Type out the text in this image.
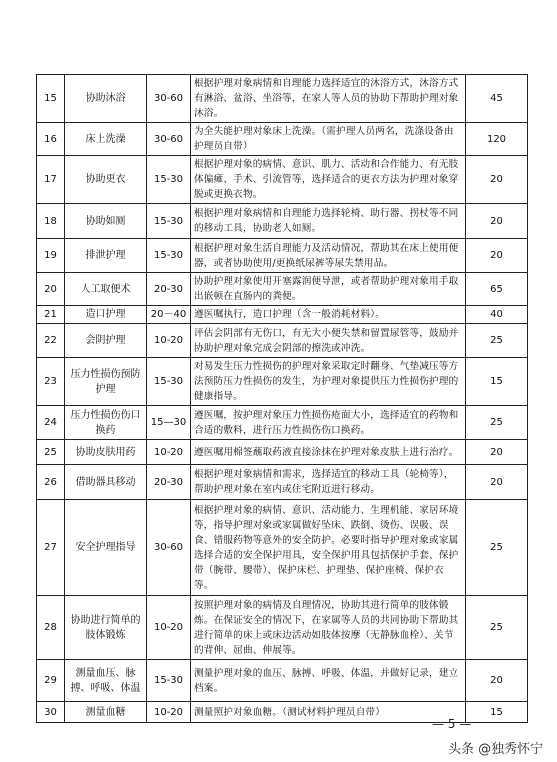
15	协助沐浴	30-60	根据护理对象病情和自理能力选择适宜的沐浴方式，沐浴方式有淋浴、盆浴、坐浴等，在家人等人员的协助下帮助护理对象沐浴。	45
16	床上洗澡	30-60	为全失能护理对象床上洗澡。（需护理人员两名，洗涤设备由护理员自带）	120
17	协助更衣	15-30	根据护理对象的病情、意识、肌力、活动和合作能力、有无肢体偏瘫、手术、引流管等，选择适合的更衣方法为护理对象穿脱或更换衣物。	20
18	协助如厕	15-30	根据护理对象病情和自理能力选择轮椅、助行器、拐杖等不同的移动工具，协助老人如厕。	20
19	排泄护理	15-30	根据护理对象生活自理能力及活动情况，帮助其在床上使用便器，或者协助使用/更换纸尿裤等尿失禁用品。	20
20	人工取便术	20-30	协助护理对象使用开塞露润便导泄，或者帮助护理对象用手取出嵌顿在直肠内的粪便。	65
21	造口护理	20－40	遵医嘱执行，造口护理（含一般消耗材料）。	40
22	会阴护理	10-20	评估会阴部有无伤口，有无大小便失禁和留置尿管等，鼓励并协助护理对象完成会阴部的擦洗或冲洗。	25
23	压力性损伤预防护理	15-30	对易发生压力性损伤的护理对象采取定时翻身、气垫减压等方法预防压力性损伤的发生，为护理对象提供压力性损伤护理的健康指导。	15
24	压力性损伤伤口换药	15—30	遵医嘱，按护理对象压力性损伤疮面大小，选择适宜的药物和合适的敷料，进行压力性损伤伤口换药。	25
25	协助皮肤用药	10-20	遵医嘱用棉签蘸取药液直接涂抹在护理对象皮肤上进行治疗。	20
26	借助器具移动	20-30	根据护理对象病情和需求，选择适宜的移动工具（轮椅等），帮助护理对象在室内或住宅附近进行移动。	20
27	安全护理指导	30-60	根据护理对象的病情、意识、活动能力、生理机能、家居环境等，指导护理对象或家属做好坠床、跌倒、烫伤、误吸、误食、错服药物等意外的安全防护。必要时指导护理对象或家属选择合适的安全保护用具，安全保护用具包括保护手套、保护带（腕带、腰带）、保护床栏、护理垫、保护座椅、保护衣等。	25
28	协助进行简单的肢体锻炼	10-20	按照护理对象的病情及自理情况，协助其进行简单的肢体锻炼。在保证安全的情况下，在家属等人员的共同协助下帮助其进行简单的床上或床边活动如肢体按摩（无静脉血栓）、关节的背伸、屈曲、伸展等。	25
29	测量血压、脉搏、呼吸、体温	15-30	测量护理对象的血压、脉搏、呼吸、体温，并做好记录，建立档案。	20
30	测量血糖	10-20	测量照护对象血糖。（测试材料护理员自带）	15
— 5 —
头条 @独秀怀宁
